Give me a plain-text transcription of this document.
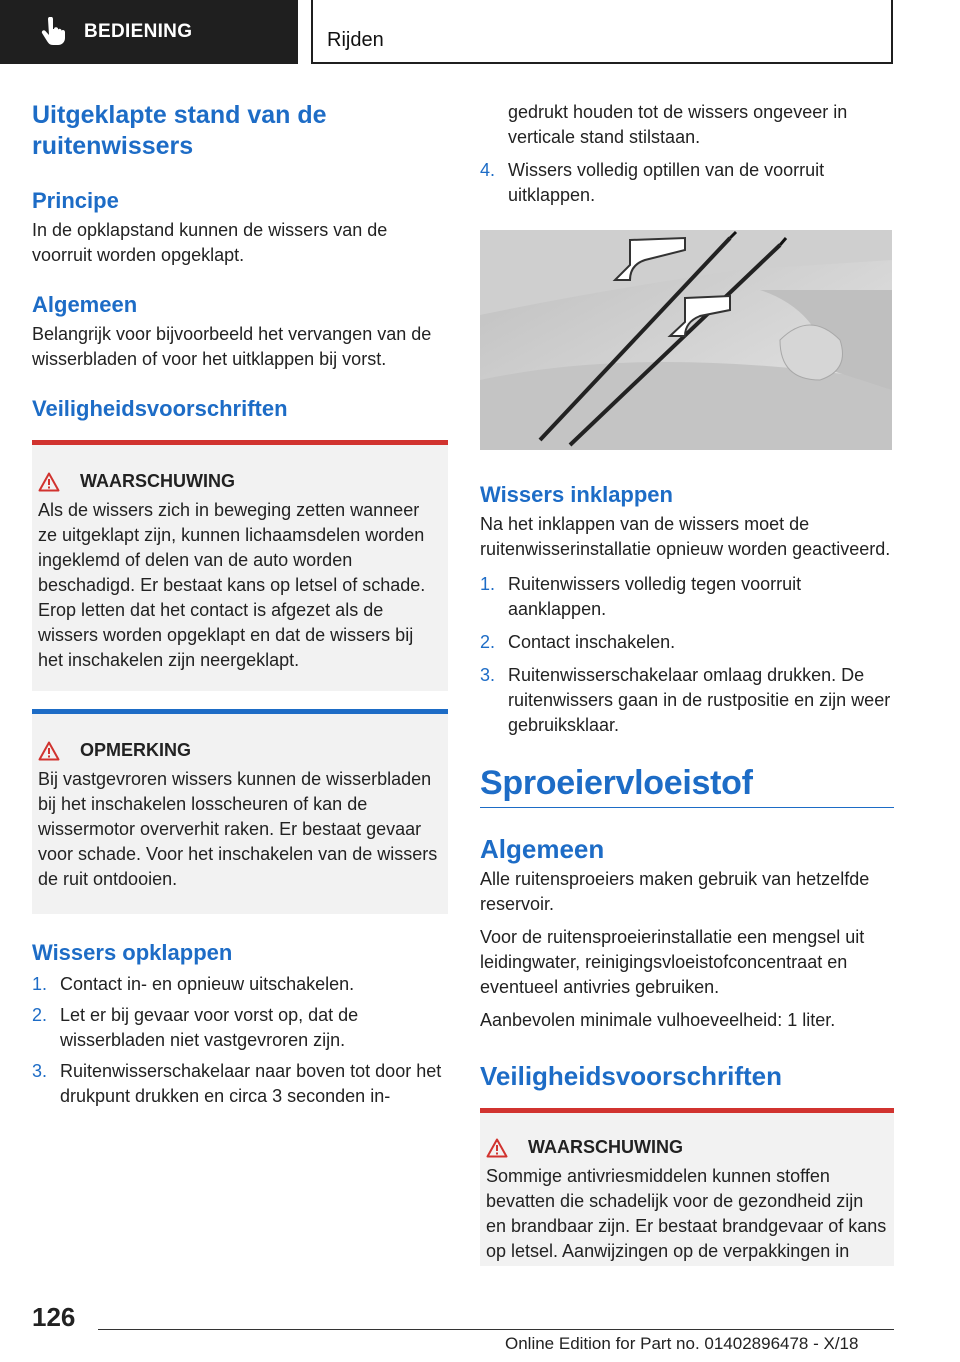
BEDIENING	Rijden
Uitgeklapte stand van de ruitenwissers
Principe

In de opklapstand kunnen de wissers van de voorruit worden opgeklapt.

Algemeen

Belangrijk voor bijvoorbeeld het vervangen van de wisserbladen of voor het uitklappen bij vorst.

Veiligheidsvoorschriften
WAARSCHUWING

Als de wissers zich in beweging zetten wanneer ze uitgeklapt zijn, kunnen lichaamsdelen worden ingeklemd of delen van de auto worden beschadigd. Er bestaat kans op letsel of schade. Erop letten dat het contact is afgezet als de wissers worden opgeklapt en dat de wissers bij het inschakelen zijn neergeklapt.

OPMERKING

Bij vastgevroren wissers kunnen de wisserbladen bij het inschakelen losscheuren of kan de wissermotor oververhit raken. Er bestaat gevaar voor schade. Voor het inschakelen van de wissers de ruit ontdooien.

Wissers opklappen
1. Contact in- en opnieuw uitschakelen.
2. Let er bij gevaar voor vorst op, dat de wisserbladen niet vastgevroren zijn.
3. Ruitenwisserschakelaar naar boven tot door het drukpunt drukken en circa 3 seconden in-

gedrukt houden tot de wissers ongeveer in verticale stand stilstaan.

4. Wissers volledig optillen van de voorruit uitklappen.
Wissers inklappen

Na het inklappen van de wissers moet de ruitenwisserinstallatie opnieuw worden geactiveerd.

1. Ruitenwissers volledig tegen voorruit aanklappen.
2. Contact inschakelen.
3. Ruitenwisserschakelaar omlaag drukken. De ruitenwissers gaan in de rustpositie en zijn weer gebruiksklaar.
Sproeiervloeistof
Algemeen

Alle ruitensproeiers maken gebruik van hetzelfde reservoir.

Voor de ruitensproeierinstallatie een mengsel uit leidingwater, reinigingsvloeistofconcentraat en eventueel antivries gebruiken.

Aanbevolen minimale vulhoeveelheid: 1 liter.

Veiligheidsvoorschriften
WAARSCHUWING

Sommige antivriesmiddelen kunnen stoffen bevatten die schadelijk voor de gezondheid zijn en brandbaar zijn. Er bestaat brandgevaar of kans op letsel. Aanwijzingen op de verpakkingen in

126
Online Edition for Part no. 01402896478 - X/18
